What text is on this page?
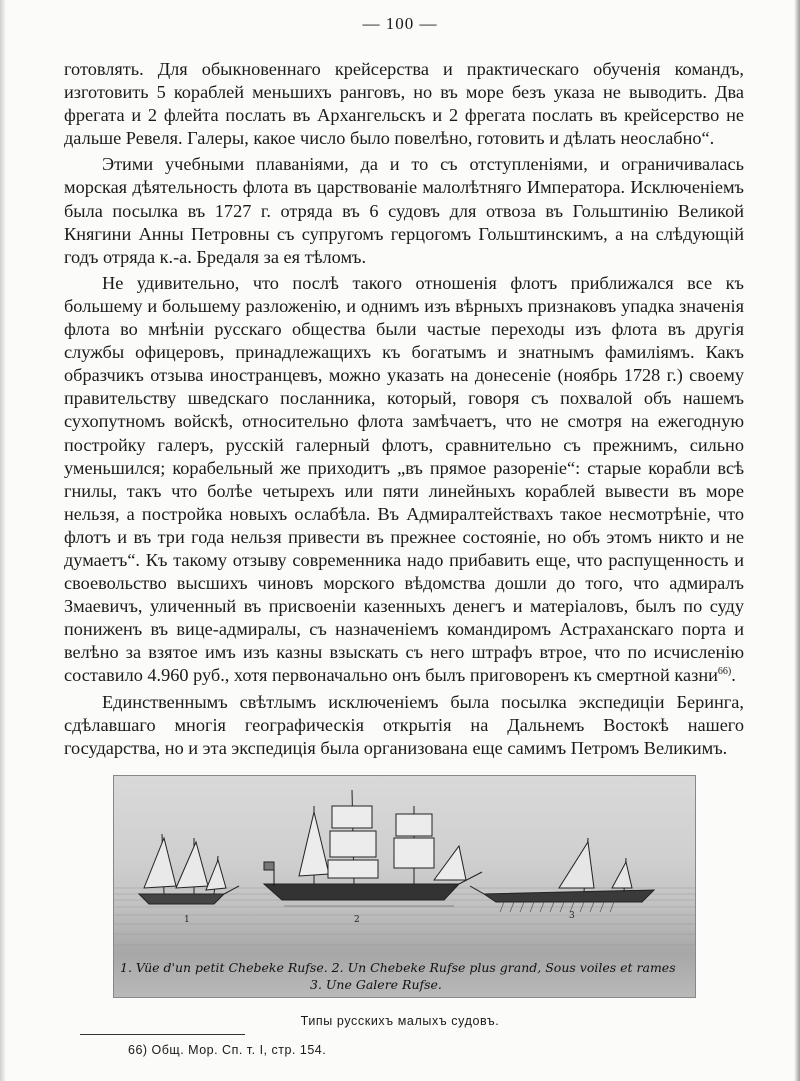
— 100 —

готовлять. Для обыкновеннаго крейсерства и практическаго обученія командъ, изготовить 5 кораблей меньшихъ ранговъ, но въ море безъ указа не выводить. Два фрегата и 2 флейта послать въ Архангельскъ и 2 фрегата послать въ крейсерство не дальше Ревеля. Галеры, какое число было повелѣно, готовить и дѣлать неослабно“.

Этими учебными плаваніями, да и то съ отступленіями, и ограничивалась морская дѣятельность флота въ царствованіе малолѣтняго Императора. Исключеніемъ была посылка въ 1727 г. отряда въ 6 судовъ для отвоза въ Гольштинію Великой Княгини Анны Петровны съ супругомъ герцогомъ Гольштинскимъ, а на слѣдующій годъ отряда к.-а. Бредаля за ея тѣломъ.

Не удивительно, что послѣ такого отношенія флотъ приближался все къ большему и большему разложенію, и однимъ изъ вѣрныхъ признаковъ упадка значенія флота во мнѣніи русскаго общества были частые переходы изъ флота въ другія службы офицеровъ, принадлежащихъ къ богатымъ и знатнымъ фамиліямъ. Какъ образчикъ отзыва иностранцевъ, можно указать на донесеніе (ноябрь 1728 г.) своему правительству шведскаго посланника, который, говоря съ похвалой объ нашемъ сухопутномъ войскѣ, относительно флота замѣчаетъ, что не смотря на ежегодную постройку галеръ, русскій галерный флотъ, сравнительно съ прежнимъ, сильно уменьшился; корабельный же приходитъ „въ прямое разореніе“: старые корабли всѣ гнилы, такъ что болѣе четырехъ или пяти линейныхъ кораблей вывести въ море нельзя, а постройка новыхъ ослабѣла. Въ Адмиралтействахъ такое несмотрѣніе, что флотъ и въ три года нельзя привести въ прежнее состояніе, но объ этомъ никто и не думаетъ“. Къ такому отзыву современника надо прибавить еще, что распущенность и своевольство высшихъ чиновъ морского вѣдомства дошли до того, что адмиралъ Змаевичъ, уличенный въ присвоеніи казенныхъ денегъ и матеріаловъ, былъ по суду пониженъ въ вице-адмиралы, съ назначеніемъ командиромъ Астраханскаго порта и велѣно за взятое имъ изъ казны взыскать съ него штрафъ втрое, что по исчисленію составило 4.960 руб., хотя первоначально онъ былъ приговоренъ къ смертной казни$^{66)}$.

Единственнымъ свѣтлымъ исключеніемъ была посылка экспедиціи Беринга, сдѣлавшаго многія географическія открытія на Дальнемъ Востокѣ нашего государства, но и эта экспедиція была организована еще самимъ Петромъ Великимъ.

1	2	3
1. Vüe d'un petit Chebeke Rufse. 2. Un Chebeke Rufse plus grand, Sous voiles et rames
3. Une Galere Rufse.
Типы русскихъ малыхъ судовъ.
66) Общ. Мор. Сп. т. I, стр. 154.
